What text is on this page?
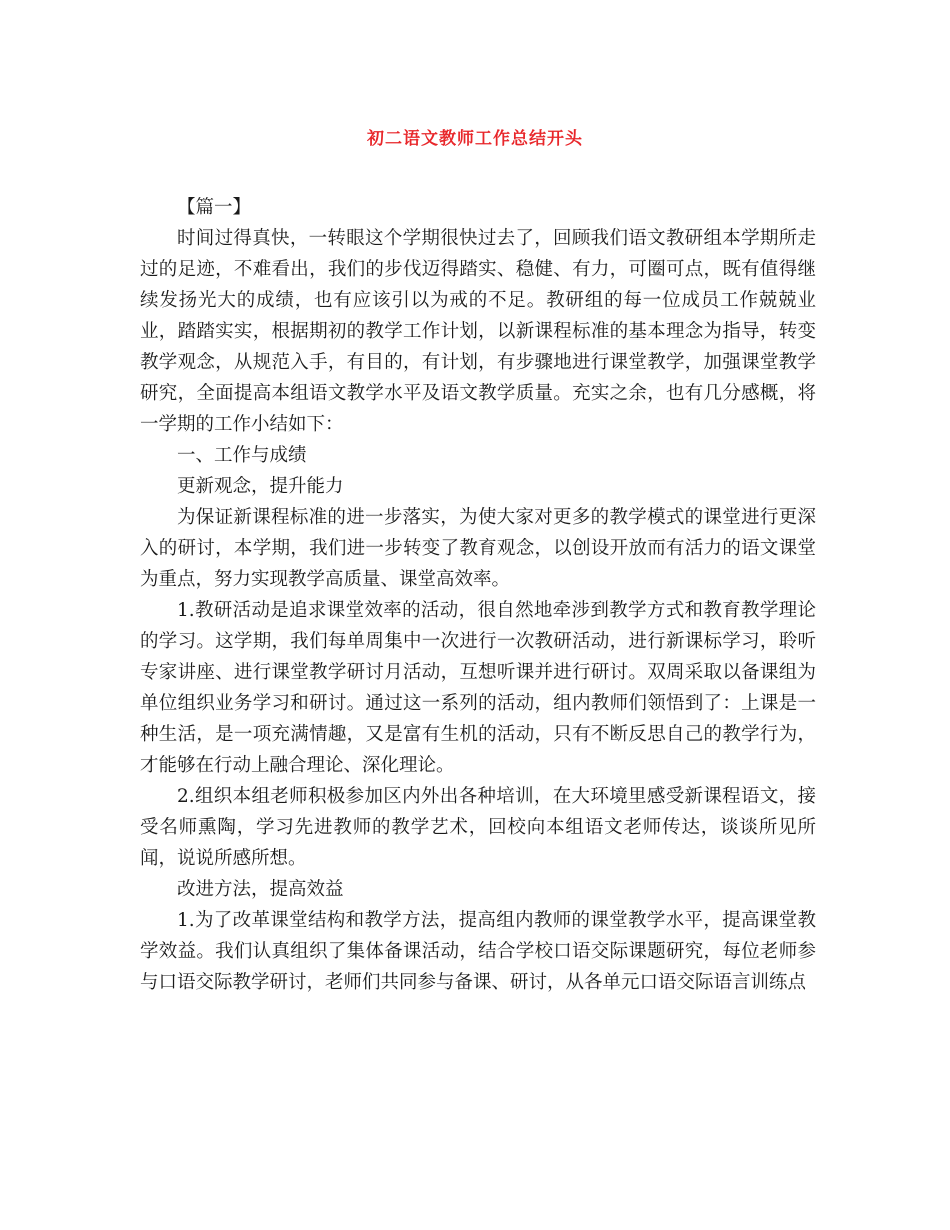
初二语文教师工作总结开头

【篇一】

时间过得真快，一转眼这个学期很快过去了，回顾我们语文教研组本学期所走过的足迹，不难看出，我们的步伐迈得踏实、稳健、有力，可圈可点，既有值得继续发扬光大的成绩，也有应该引以为戒的不足。教研组的每一位成员工作兢兢业业，踏踏实实，根据期初的教学工作计划，以新课程标准的基本理念为指导，转变教学观念，从规范入手，有目的，有计划，有步骤地进行课堂教学，加强课堂教学研究，全面提高本组语文教学水平及语文教学质量。充实之余，也有几分感概，将一学期的工作小结如下：

一、工作与成绩

更新观念，提升能力

为保证新课程标准的进一步落实，为使大家对更多的教学模式的课堂进行更深入的研讨，本学期，我们进一步转变了教育观念，以创设开放而有活力的语文课堂为重点，努力实现教学高质量、课堂高效率。

1.教研活动是追求课堂效率的活动，很自然地牵涉到教学方式和教育教学理论的学习。这学期，我们每单周集中一次进行一次教研活动，进行新课标学习，聆听专家讲座、进行课堂教学研讨月活动，互想听课并进行研讨。双周采取以备课组为单位组织业务学习和研讨。通过这一系列的活动，组内教师们领悟到了：上课是一种生活，是一项充满情趣，又是富有生机的活动，只有不断反思自己的教学行为，才能够在行动上融合理论、深化理论。

2.组织本组老师积极参加区内外出各种培训，在大环境里感受新课程语文，接受名师熏陶，学习先进教师的教学艺术，回校向本组语文老师传达，谈谈所见所闻，说说所感所想。

改进方法，提高效益

1.为了改革课堂结构和教学方法，提高组内教师的课堂教学水平，提高课堂教学效益。我们认真组织了集体备课活动，结合学校口语交际课题研究，每位老师参与口语交际教学研讨，老师们共同参与备课、研讨，从各单元口语交际语言训练点
